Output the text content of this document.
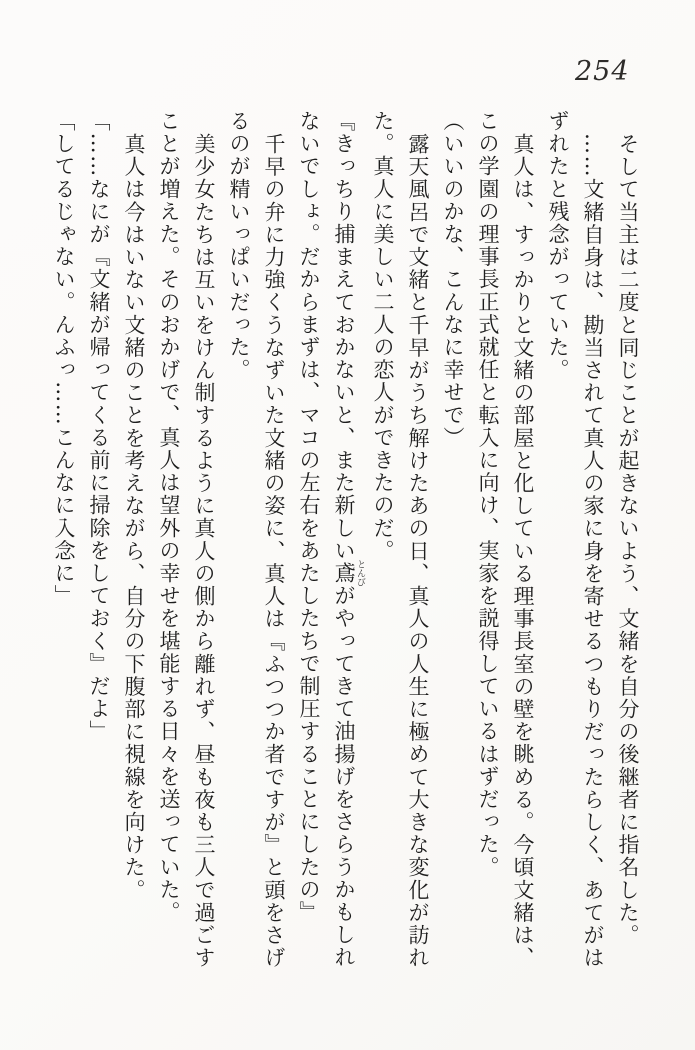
254

そして当主は二度と同じことが起きないよう、文緒を自分の後継者に指名した。

……文緒自身は、勘当されて真人の家に身を寄せるつもりだったらしく、あてがはずれたと残念がっていた。

真人は、すっかりと文緒の部屋と化している理事長室の壁を眺める。今頃文緒は、この学園の理事長正式就任と転入に向け、実家を説得しているはずだった。

（いいのかな、こんなに幸せで）

露天風呂で文緒と千早がうち解けたあの日、真人の人生に極めて大きな変化が訪れた。真人に美しい二人の恋人ができたのだ。

『きっちり捕まえておかないと、また新しい鳶 とんびがやってきて油揚げをさらうかもしれないでしょ。だからまずは、マコの左右をあたしたちで制圧することにしたの』

千早の弁に力強くうなずいた文緒の姿に、真人は『ふつつか者ですが』と頭をさげるのが精いっぱいだった。

美少女たちは互いをけん制するように真人の側から離れず、昼も夜も三人で過ごすことが増えた。そのおかげで、真人は望外の幸せを堪能する日々を送っていた。

真人は今はいない文緒のことを考えながら、自分の下腹部に視線を向けた。

「……なにが『文緒が帰ってくる前に掃除をしておく』だよ」

「してるじゃない。んふっ……こんなに入念に」
